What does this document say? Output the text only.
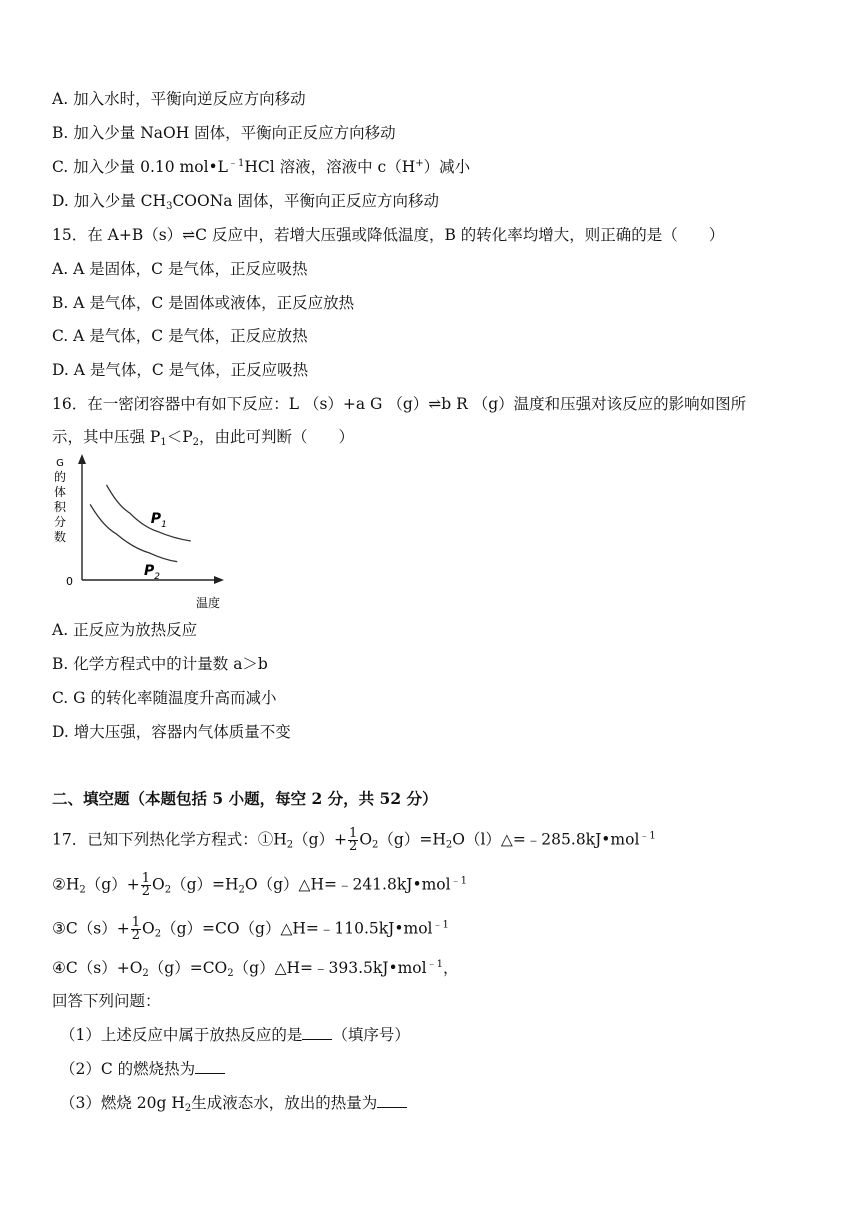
A. 加入水时，平衡向逆反应方向移动
B. 加入少量 NaOH 固体，平衡向正反应方向移动
C. 加入少量 0.10 $mol•L^{﹣1}HCl$ 溶液，溶液中 c（H+）减小
D. 加入少量 $CH_3COONa$ 固体，平衡向正反应方向移动
15．在 A+B（s）⇌C 反应中，若增大压强或降低温度，B 的转化率均增大，则正确的是（　　）
A. A 是固体，C 是气体，正反应吸热
B. A 是气体，C 是固体或液体，正反应放热
C. A 是气体，C 是气体，正反应放热
D. A 是气体，C 是气体，正反应吸热
16．在一密闭容器中有如下反应：L （s）+a G （g）⇌b R （g）温度和压强对该反应的影响如图所
示，其中压强 $P_1<P_2$，由此可判断（　　）
G
的
体
积
分
数
0
温度
$P_1$
$P_2$
A. 正反应为放热反应
B. 化学方程式中的计量数 a＞b
C. G 的转化率随温度升高而减小
D. 增大压强，容器内气体质量不变
二、填空题（本题包括 5 小题，每空 2 分，共 52 分）
17．已知下列热化学方程式：$①H_2(g)+ \frac{1}{2}$ $O_2(g)=H_2O(l)\triangle=﹣285.8kJ•mol^{﹣1}$
$②H_2(g)+ \frac{1}{2}$ $O_2(g)=H_2O(g)\triangle H=﹣241.8kJ•mol^{﹣1}$
③C（s）+ $\frac{1}{2}$ $O_2(g)=CO(g)\triangle H=﹣110.5kJ•mol^{﹣1}$
$④C(s)+O_2(g)=CO_2(g)\triangle H=﹣393.5kJ•mol^{﹣1}$，
回答下列问题：
（1）上述反应中属于放热反应的是 （填序号）
（2）C 的燃烧热为
（3）燃烧 20g $H_2$生成液态水，放出的热量为
